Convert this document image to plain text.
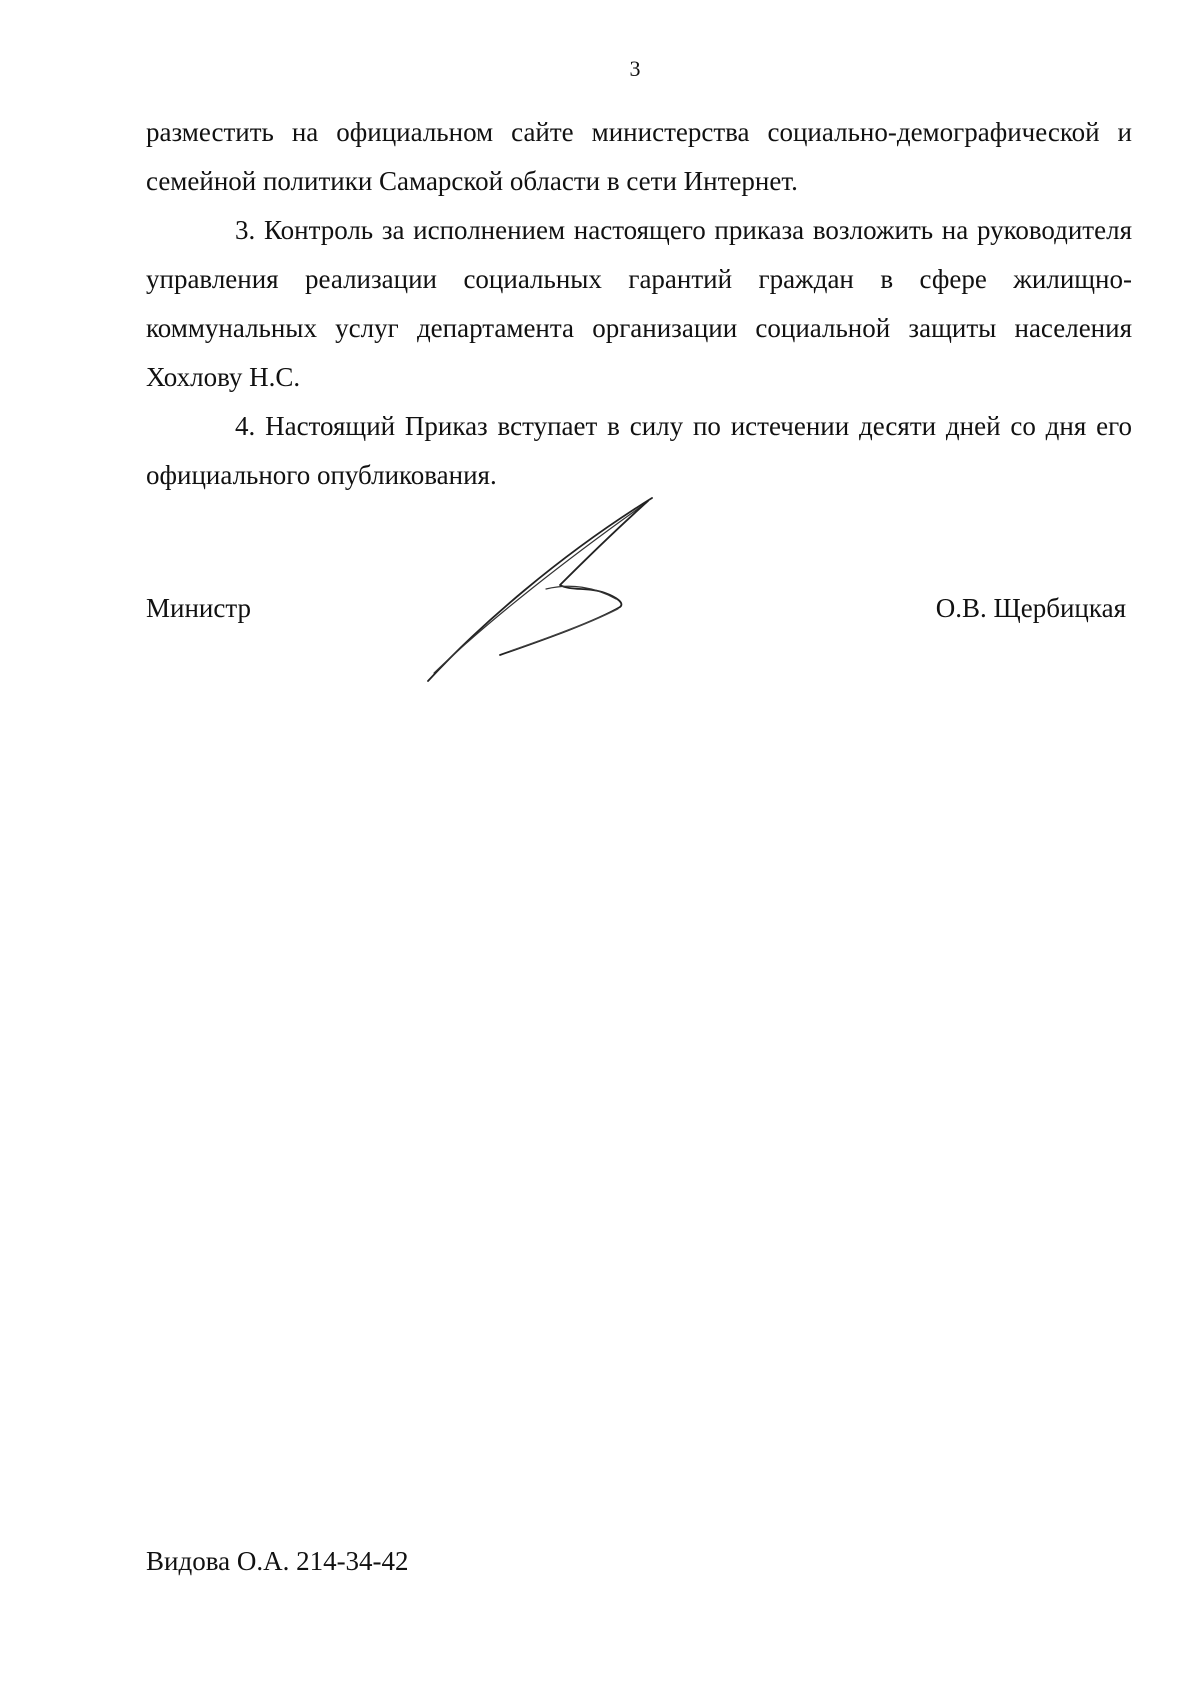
3

разместить на официальном сайте министерства социально-демографической и семейной политики Самарской области в сети Интернет.

3. Контроль за исполнением настоящего приказа возложить на руководителя управления реализации социальных гарантий граждан в сфере жилищно-коммунальных услуг департамента организации социальной защиты населения Хохлову Н.С.

4. Настоящий Приказ вступает в силу по истечении десяти дней со дня его официального опубликования.

Министр	О.В. Щербицкая
Видова О.А. 214-34-42
